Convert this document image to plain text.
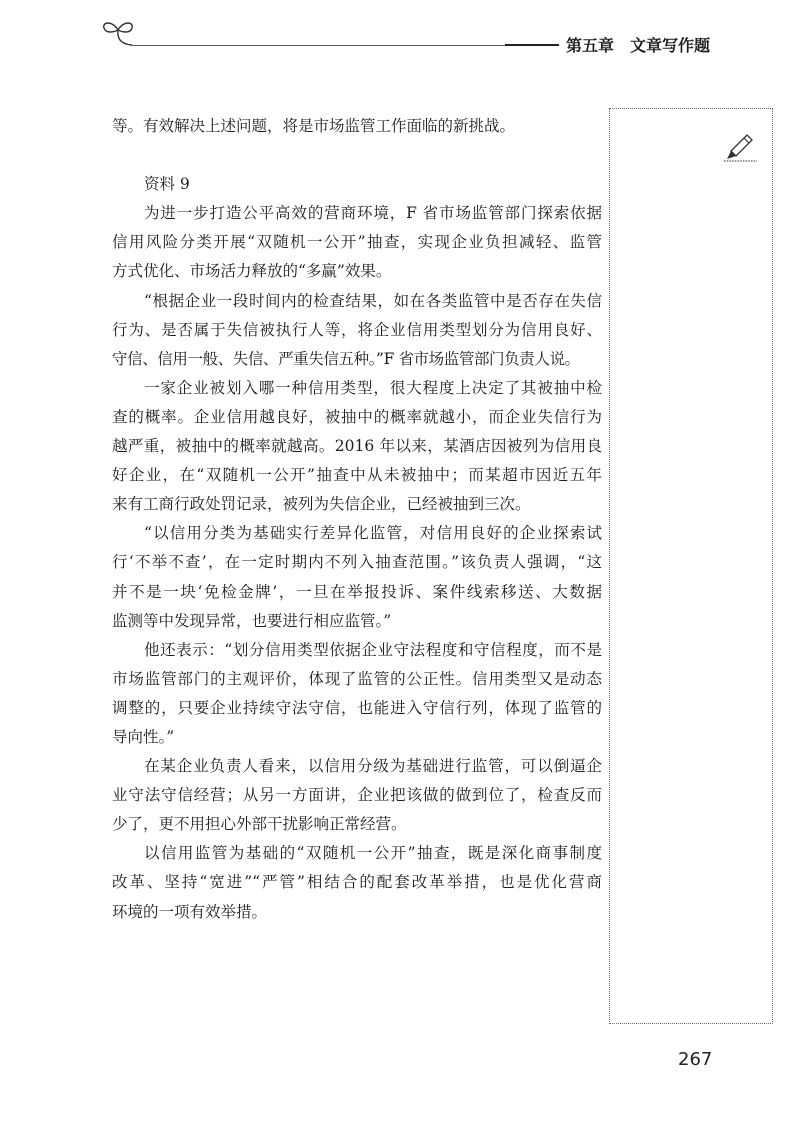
第五章 文章写作题
等。有效解决上述问题，将是市场监管工作面临的新挑战。
资料 9
为进一步打造公平高效的营商环境，F 省市场监管部门探索依据
信用风险分类开展“双随机一公开”抽查，实现企业负担减轻、监管
方式优化、市场活力释放的“多赢”效果。
“根据企业一段时间内的检查结果，如在各类监管中是否存在失信
行为、是否属于失信被执行人等，将企业信用类型划分为信用良好、
守信、信用一般、失信、严重失信五种。”F 省市场监管部门负责人说。
一家企业被划入哪一种信用类型，很大程度上决定了其被抽中检
查的概率。企业信用越良好，被抽中的概率就越小，而企业失信行为
越严重，被抽中的概率就越高。2016 年以来，某酒店因被列为信用良
好企业，在“双随机一公开”抽查中从未被抽中；而某超市因近五年
来有工商行政处罚记录，被列为失信企业，已经被抽到三次。
“以信用分类为基础实行差异化监管，对信用良好的企业探索试
行‘不举不查’，在一定时期内不列入抽查范围。”该负责人强调，“这
并不是一块‘免检金牌’，一旦在举报投诉、案件线索移送、大数据
监测等中发现异常，也要进行相应监管。”
他还表示：“划分信用类型依据企业守法程度和守信程度，而不是
市场监管部门的主观评价，体现了监管的公正性。信用类型又是动态
调整的，只要企业持续守法守信，也能进入守信行列，体现了监管的
导向性。”
在某企业负责人看来，以信用分级为基础进行监管，可以倒逼企
业守法守信经营；从另一方面讲，企业把该做的做到位了，检查反而
少了，更不用担心外部干扰影响正常经营。
以信用监管为基础的“双随机一公开”抽查，既是深化商事制度
改革、坚持“宽进”“严管”相结合的配套改革举措，也是优化营商
环境的一项有效举措。
267
